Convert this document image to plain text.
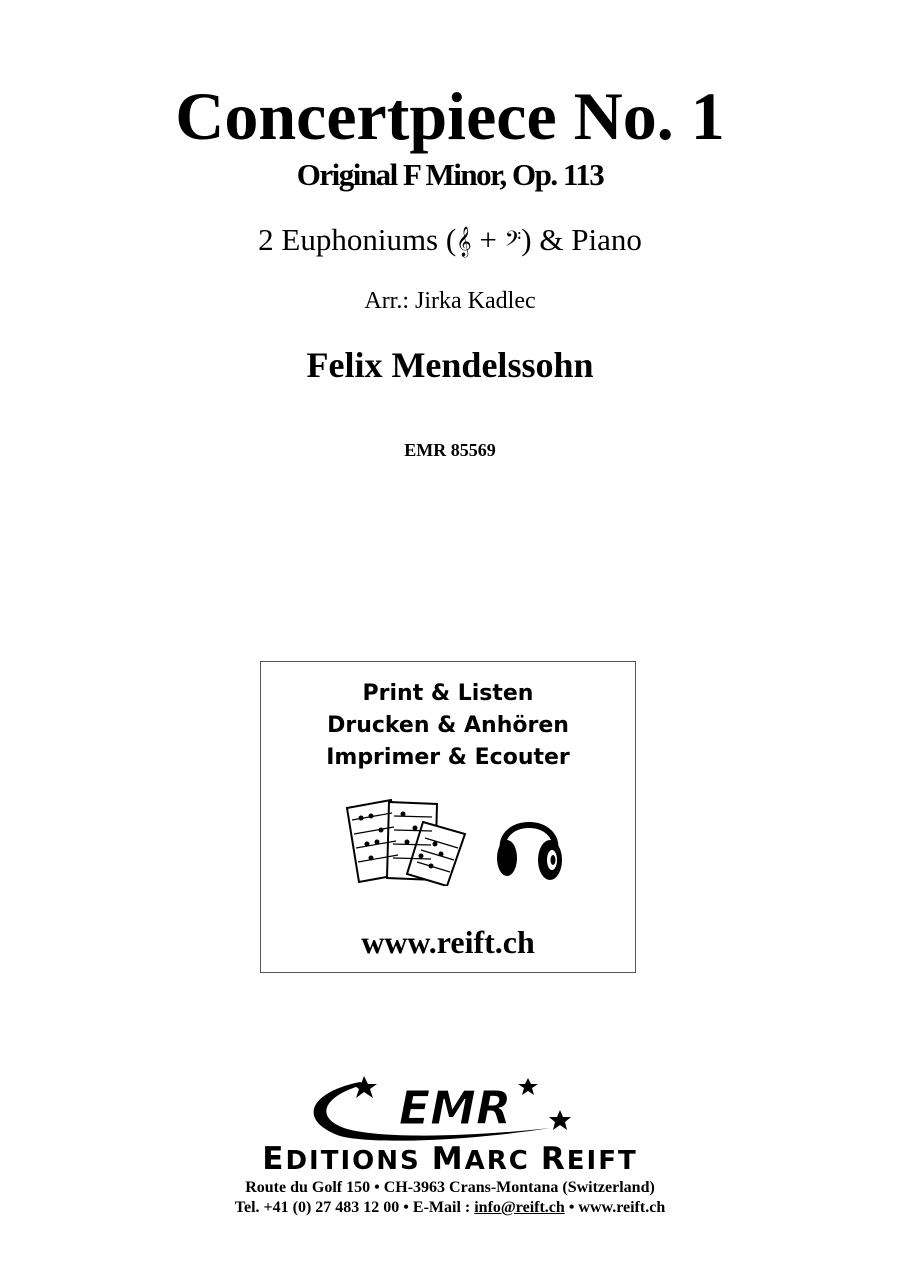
Concertpiece No. 1
Original F Minor, Op. 113
2 Euphoniums (𝄞 + 𝄢) & Piano
Arr.: Jirka Kadlec
Felix Mendelssohn
EMR 85569
Print & Listen
Drucken & Anhören
Imprimer & Ecouter
www.reift.ch
EMR
EDITIONS MARC REIFT
Route du Golf 150 • CH-3963 Crans-Montana (Switzerland)
Tel. +41 (0) 27 483 12 00 • E-Mail : info@reift.ch • www.reift.ch
